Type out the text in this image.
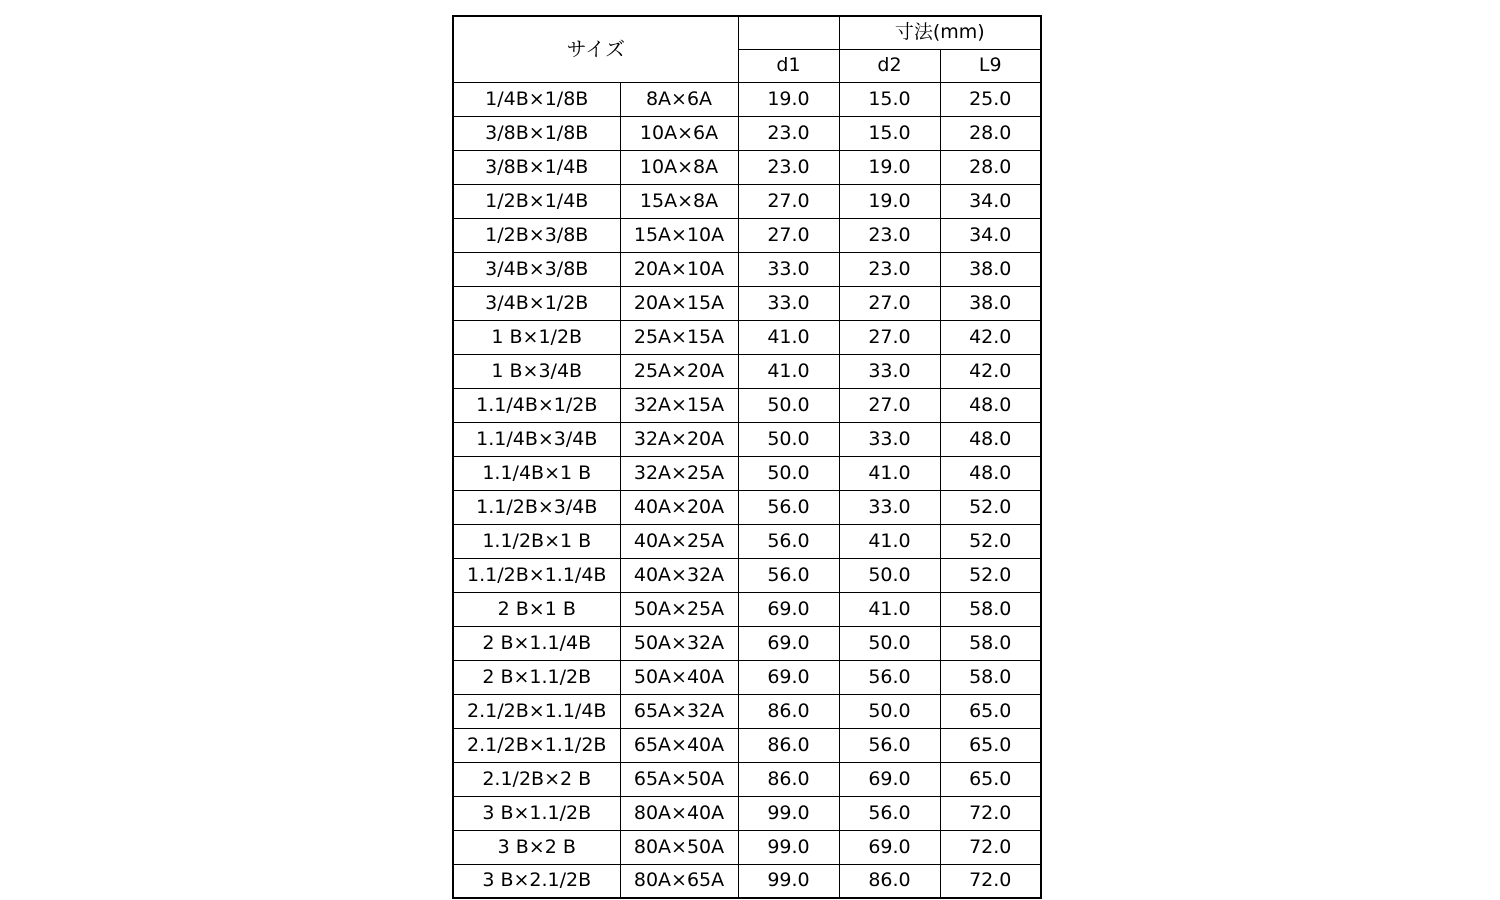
サイズ			寸法(mm)	
		d1	d2	L9
1/4B×1/8B	8A×6A	19.0	15.0	25.0
3/8B×1/8B	10A×6A	23.0	15.0	28.0
3/8B×1/4B	10A×8A	23.0	19.0	28.0
1/2B×1/4B	15A×8A	27.0	19.0	34.0
1/2B×3/8B	15A×10A	27.0	23.0	34.0
3/4B×3/8B	20A×10A	33.0	23.0	38.0
3/4B×1/2B	20A×15A	33.0	27.0	38.0
1 B×1/2B	25A×15A	41.0	27.0	42.0
1 B×3/4B	25A×20A	41.0	33.0	42.0
1.1/4B×1/2B	32A×15A	50.0	27.0	48.0
1.1/4B×3/4B	32A×20A	50.0	33.0	48.0
1.1/4B×1 B	32A×25A	50.0	41.0	48.0
1.1/2B×3/4B	40A×20A	56.0	33.0	52.0
1.1/2B×1 B	40A×25A	56.0	41.0	52.0
1.1/2B×1.1/4B	40A×32A	56.0	50.0	52.0
2 B×1 B	50A×25A	69.0	41.0	58.0
2 B×1.1/4B	50A×32A	69.0	50.0	58.0
2 B×1.1/2B	50A×40A	69.0	56.0	58.0
2.1/2B×1.1/4B	65A×32A	86.0	50.0	65.0
2.1/2B×1.1/2B	65A×40A	86.0	56.0	65.0
2.1/2B×2 B	65A×50A	86.0	69.0	65.0
3 B×1.1/2B	80A×40A	99.0	56.0	72.0
3 B×2 B	80A×50A	99.0	69.0	72.0
3 B×2.1/2B	80A×65A	99.0	86.0	72.0
